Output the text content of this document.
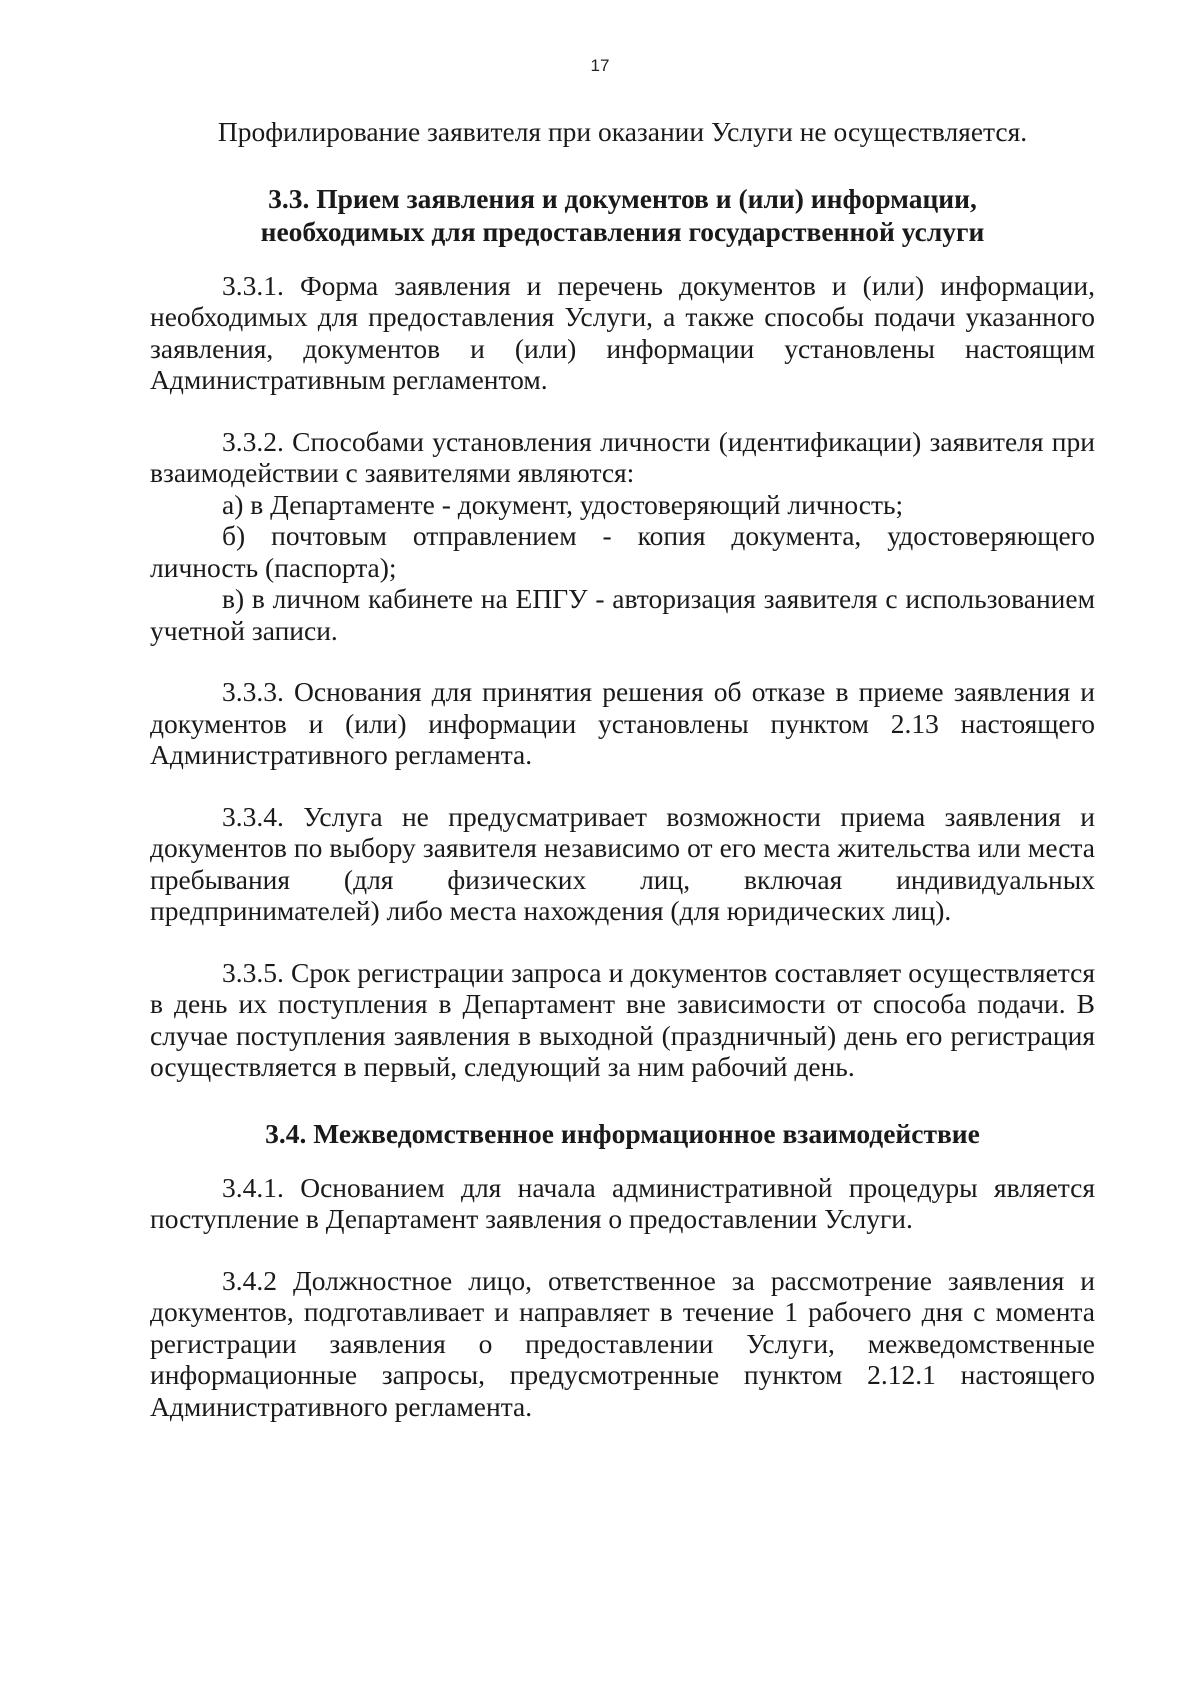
17

Профилирование заявителя при оказании Услуги не осуществляется.

3.3. Прием заявления и документов и (или) информации,

необходимых для предоставления государственной услуги

3.3.1. Форма заявления и перечень документов и (или) информации, необходимых для предоставления Услуги, а также способы подачи указанного заявления, документов и (или) информации установлены настоящим Административным регламентом.

3.3.2. Способами установления личности (идентификации) заявителя при взаимодействии с заявителями являются:

а) в Департаменте - документ, удостоверяющий личность;

б) почтовым отправлением - копия документа, удостоверяющего личность (паспорта);

в) в личном кабинете на ЕПГУ - авторизация заявителя с использованием учетной записи.

3.3.3. Основания для принятия решения об отказе в приеме заявления и документов и (или) информации установлены пунктом 2.13 настоящего Административного регламента.

3.3.4. Услуга не предусматривает возможности приема заявления и документов по выбору заявителя независимо от его места жительства или места пребывания (для физических лиц, включая индивидуальных предпринимателей) либо места нахождения (для юридических лиц).

3.3.5. Срок регистрации запроса и документов составляет осуществляется в день их поступления в Департамент вне зависимости от способа подачи. В случае поступления заявления в выходной (праздничный) день его регистрация осуществляется в первый, следующий за ним рабочий день.

3.4. Межведомственное информационное взаимодействие

3.4.1. Основанием для начала административной процедуры является поступление в Департамент заявления о предоставлении Услуги.

3.4.2 Должностное лицо, ответственное за рассмотрение заявления и документов, подготавливает и направляет в течение 1 рабочего дня с момента регистрации заявления о предоставлении Услуги, межведомственные информационные запросы, предусмотренные пунктом 2.12.1 настоящего Административного регламента.
